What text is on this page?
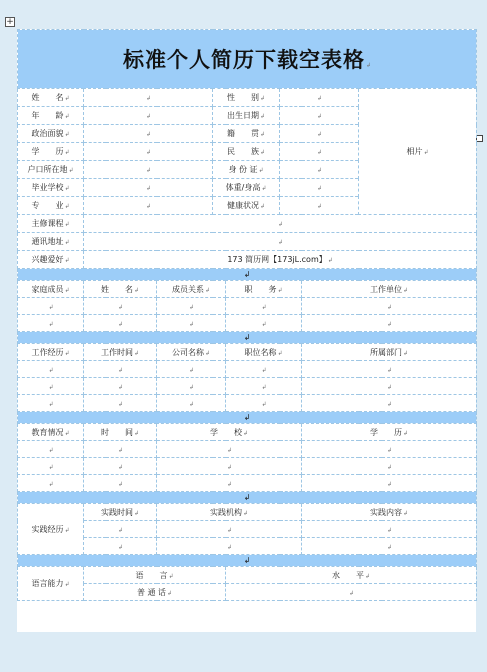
+
标准个人简历下载空表格↲							
姓　　名↲	↲		性　　别↲		↲		相片↲
年　　龄↲	↲		出生日期↲		↲		
政治面貌↲	↲		籍　　贯↲		↲		
学　　历↲	↲		民　　族↲		↲		
户口所在地↲	↲		身 份 证↲		↲		
毕业学校↲	↲		体重/身高↲		↲		
专　　业↲	↲		健康状况↲		↲		
主修课程↲	↲						
通讯地址↲	↲						
兴趣爱好↲	173 简历网【173jL.com】↲						
↲							
家庭成员↲	姓　　名↲	成员关系↲		职　　务↲		工作单位↲	
↲	↲	↲		↲		↲	
↲	↲	↲		↲		↲	
↲							
工作经历↲	工作时间↲	公司名称↲		职位名称↲		所属部门↲	
↲	↲	↲		↲		↲	
↲	↲	↲		↲		↲	
↲	↲	↲		↲		↲	
↲							
教育情况↲	时　　间↲	学　　校↲				学　　历↲	
↲	↲	↲				↲	
↲	↲	↲				↲	
↲	↲	↲				↲	
↲							
实践经历↲	实践时间↲	实践机构↲				实践内容↲	
	↲	↲				↲	
	↲	↲				↲	
↲							
语言能力↲	语　　言↲			水　　平↲			
	普 通 话↲			↲			
